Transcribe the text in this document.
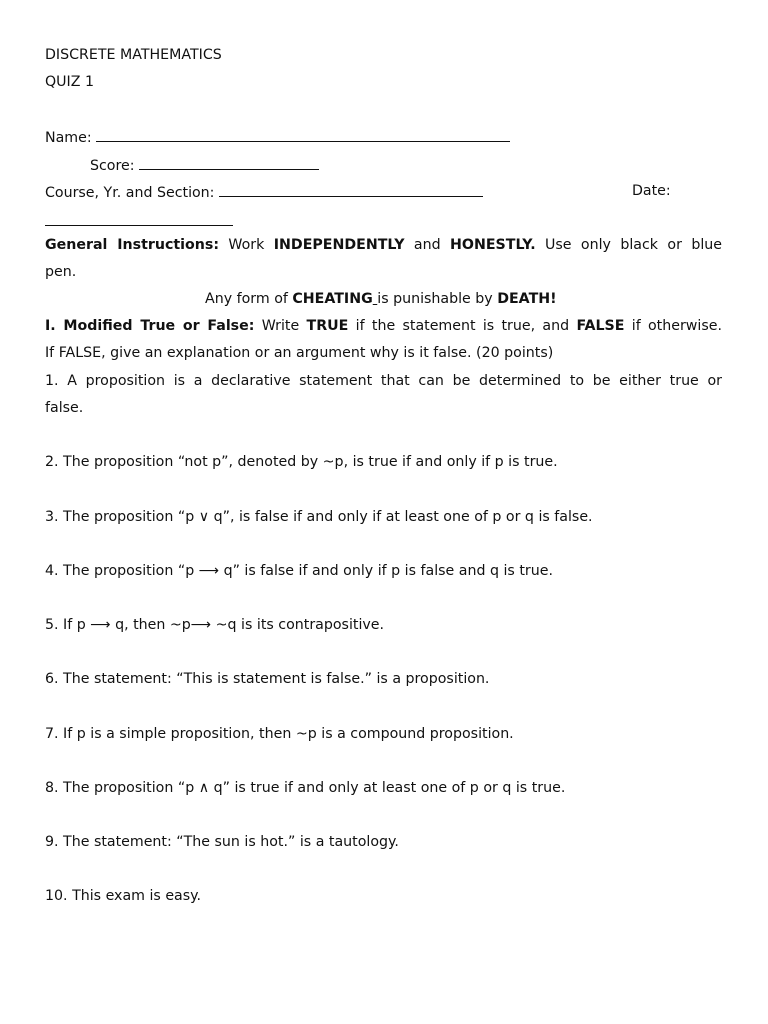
DISCRETE MATHEMATICS
QUIZ 1
Name:
Score:
Course, Yr. and Section:	Date:
General Instructions: Work INDEPENDENTLY and HONESTLY. Use only black or blue
pen.
Any form of CHEATING is punishable by DEATH!
I. Modified True or False: Write TRUE if the statement is true, and FALSE if otherwise.
If FALSE, give an explanation or an argument why is it false. (20 points)
1. A proposition is a declarative statement that can be determined to be either true or
false.
2. The proposition “not p”, denoted by ~p, is true if and only if p is true.
3. The proposition “p ∨ q”, is false if and only if at least one of p or q is false.
4. The proposition “p ⟶ q” is false if and only if p is false and q is true.
5. If p ⟶ q, then ~p⟶ ~q is its contrapositive.
6. The statement: “This is statement is false.” is a proposition.
7. If p is a simple proposition, then ~p is a compound proposition.
8. The proposition “p ∧ q” is true if and only at least one of p or q is true.
9. The statement: “The sun is hot.” is a tautology.
10. This exam is easy.
